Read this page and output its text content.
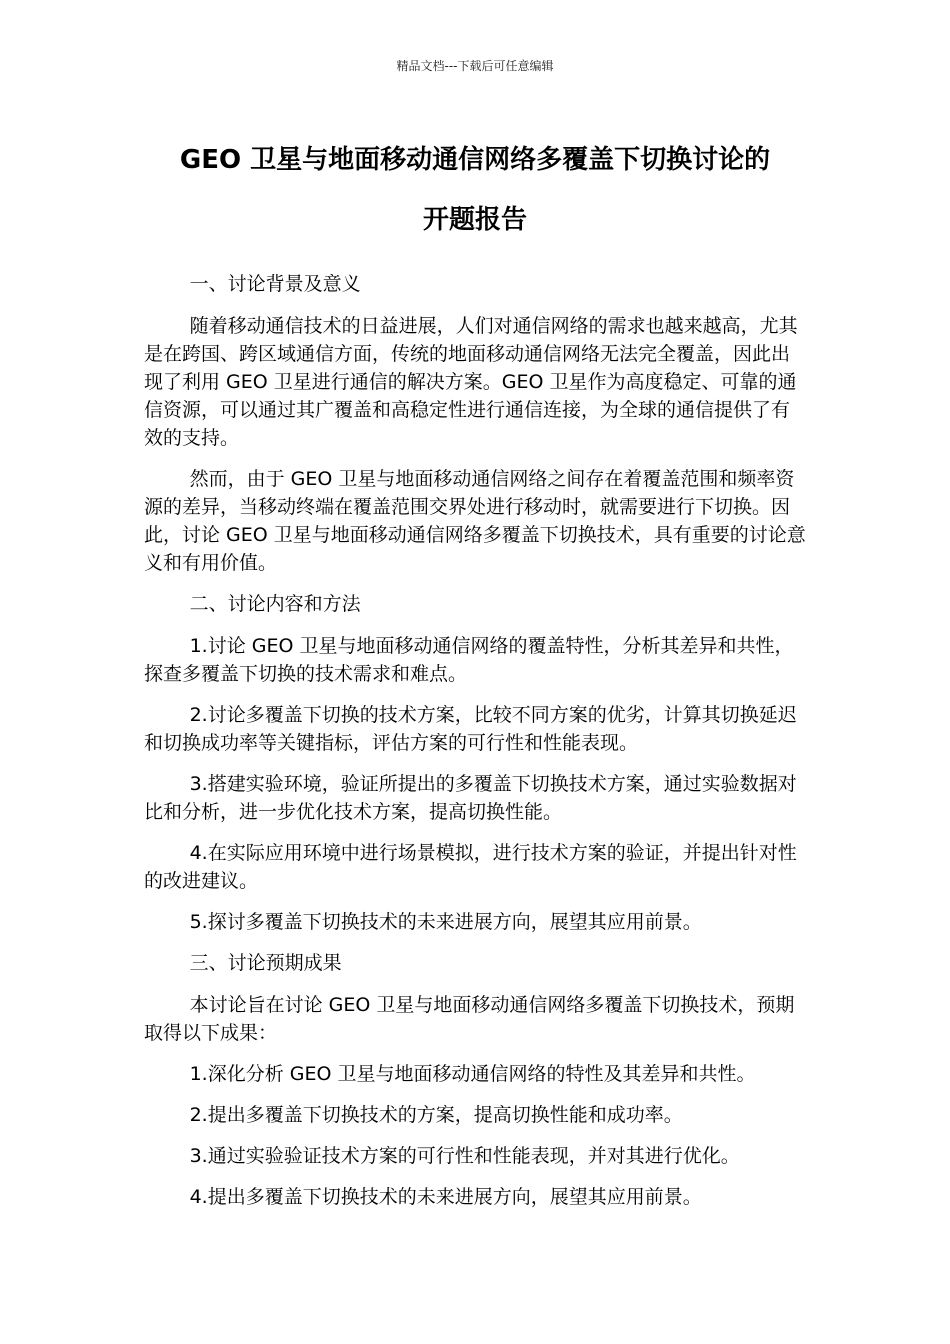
精品文档---下载后可任意编辑
GEO 卫星与地面移动通信网络多覆盖下切换讨论的
开题报告

一、讨论背景及意义

随着移动通信技术的日益进展，人们对通信网络的需求也越来越高，尤其是在跨国、跨区域通信方面，传统的地面移动通信网络无法完全覆盖，因此出现了利用 GEO 卫星进行通信的解决方案。GEO 卫星作为高度稳定、可靠的通信资源，可以通过其广覆盖和高稳定性进行通信连接，为全球的通信提供了有效的支持。

然而，由于 GEO 卫星与地面移动通信网络之间存在着覆盖范围和频率资源的差异，当移动终端在覆盖范围交界处进行移动时，就需要进行下切换。因此，讨论 GEO 卫星与地面移动通信网络多覆盖下切换技术，具有重要的讨论意义和有用价值。

二、讨论内容和方法

1.讨论 GEO 卫星与地面移动通信网络的覆盖特性，分析其差异和共性，探查多覆盖下切换的技术需求和难点。

2.讨论多覆盖下切换的技术方案，比较不同方案的优劣，计算其切换延迟和切换成功率等关键指标，评估方案的可行性和性能表现。

3.搭建实验环境，验证所提出的多覆盖下切换技术方案，通过实验数据对比和分析，进一步优化技术方案，提高切换性能。

4.在实际应用环境中进行场景模拟，进行技术方案的验证，并提出针对性的改进建议。

5.探讨多覆盖下切换技术的未来进展方向，展望其应用前景。

三、讨论预期成果

本讨论旨在讨论 GEO 卫星与地面移动通信网络多覆盖下切换技术，预期取得以下成果：

1.深化分析 GEO 卫星与地面移动通信网络的特性及其差异和共性。

2.提出多覆盖下切换技术的方案，提高切换性能和成功率。

3.通过实验验证技术方案的可行性和性能表现，并对其进行优化。

4.提出多覆盖下切换技术的未来进展方向，展望其应用前景。
